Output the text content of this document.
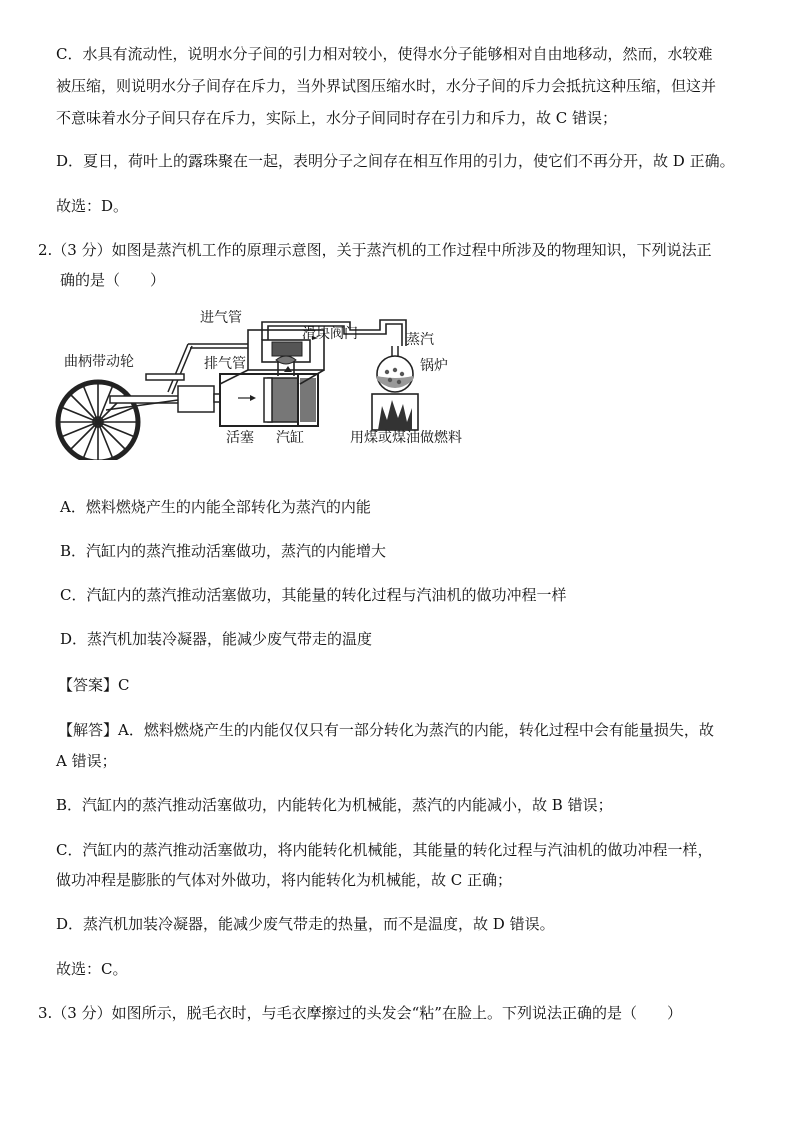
C．水具有流动性，说明水分子间的引力相对较小，使得水分子能够相对自由地移动，然而，水较难
被压缩，则说明水分子间存在斥力，当外界试图压缩水时，水分子间的斥力会抵抗这种压缩，但这并
不意味着水分子间只存在斥力，实际上，水分子间同时存在引力和斥力，故 C 错误；
D．夏日，荷叶上的露珠聚在一起，表明分子之间存在相互作用的引力，使它们不再分开，故 D 正确。
故选：D。
2.（3 分）如图是蒸汽机工作的原理示意图，关于蒸汽机的工作过程中所涉及的物理知识，下列说法正
确的是（　　）
进气管
滑块阀门	蒸汽
曲柄带动轮	排气管	锅炉
活塞 汽缸	用煤或煤油做燃料
A．燃料燃烧产生的内能全部转化为蒸汽的内能
B．汽缸内的蒸汽推动活塞做功，蒸汽的内能增大
C．汽缸内的蒸汽推动活塞做功，其能量的转化过程与汽油机的做功冲程一样
D．蒸汽机加装冷凝器，能减少废气带走的温度
【答案】C
【解答】A．燃料燃烧产生的内能仅仅只有一部分转化为蒸汽的内能，转化过程中会有能量损失，故
A 错误；
B．汽缸内的蒸汽推动活塞做功，内能转化为机械能，蒸汽的内能减小，故 B 错误；
C．汽缸内的蒸汽推动活塞做功，将内能转化机械能，其能量的转化过程与汽油机的做功冲程一样，
做功冲程是膨胀的气体对外做功，将内能转化为机械能，故 C 正确；
D．蒸汽机加装冷凝器，能减少废气带走的热量，而不是温度，故 D 错误。
故选：C。
3.（3 分）如图所示，脱毛衣时，与毛衣摩擦过的头发会“粘”在脸上。下列说法正确的是（　　）
